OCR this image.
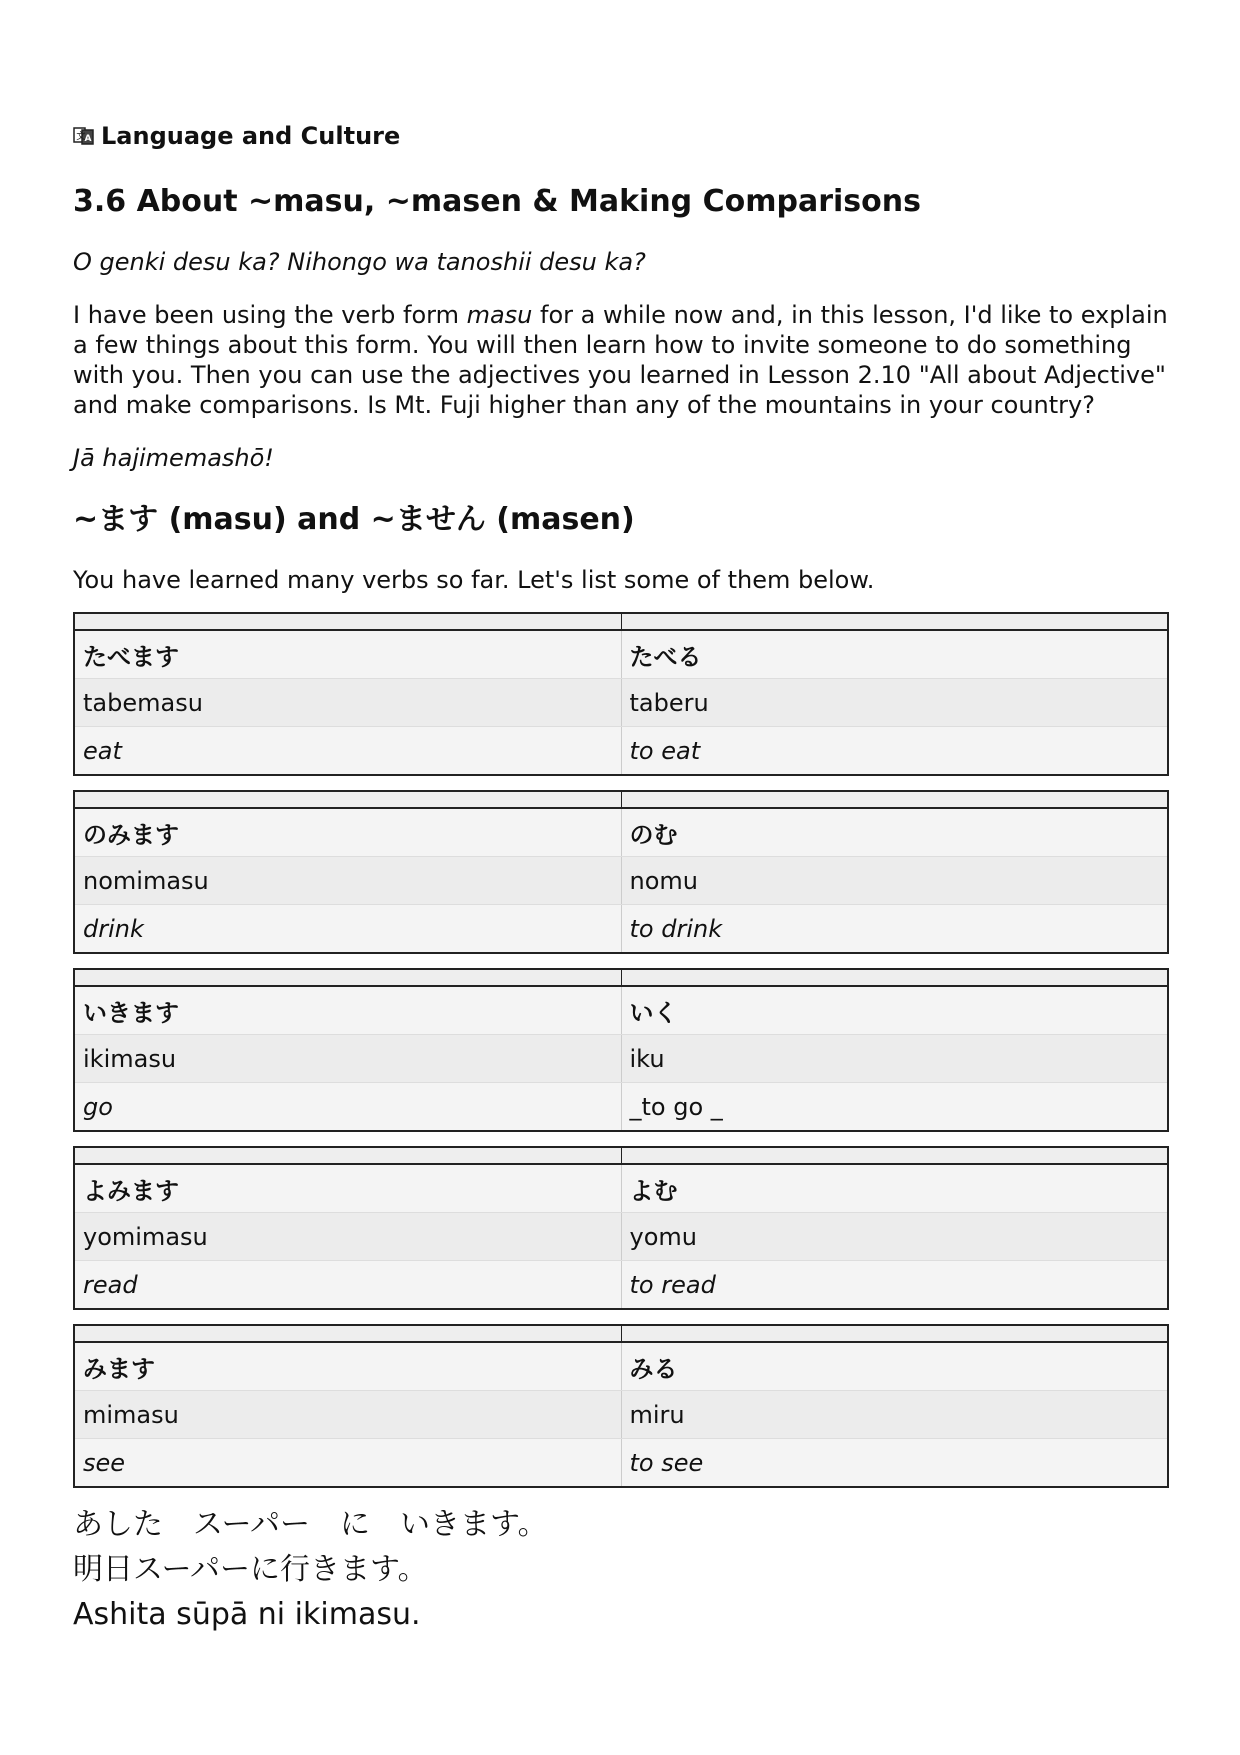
文
A Language and Culture
3.6 About ~masu, ~masen & Making Comparisons

O genki desu ka? Nihongo wa tanoshii desu ka?

I have been using the verb form masu for a while now and, in this lesson, I'd like to explain a few things about this form. You will then learn how to invite someone to do something with you. Then you can use the adjectives you learned in Lesson 2.10 "All about Adjective" and make comparisons. Is Mt. Fuji higher than any of the mountains in your country?

Jā hajimemashō!

~ます (masu) and ~ません (masen)

You have learned many verbs so far. Let's list some of them below.

たべます	たべる
tabemasu	taberu
eat	to eat

のみます	のむ
nomimasu	nomu
drink	to drink

いきます	いく
ikimasu	iku
go	_to go _

よみます	よむ
yomimasu	yomu
read	to read

みます	みる
mimasu	miru
see	to see
あした　スーパー　に　いきます。
明日スーパーに行きます。
Ashita sūpā ni ikimasu.
